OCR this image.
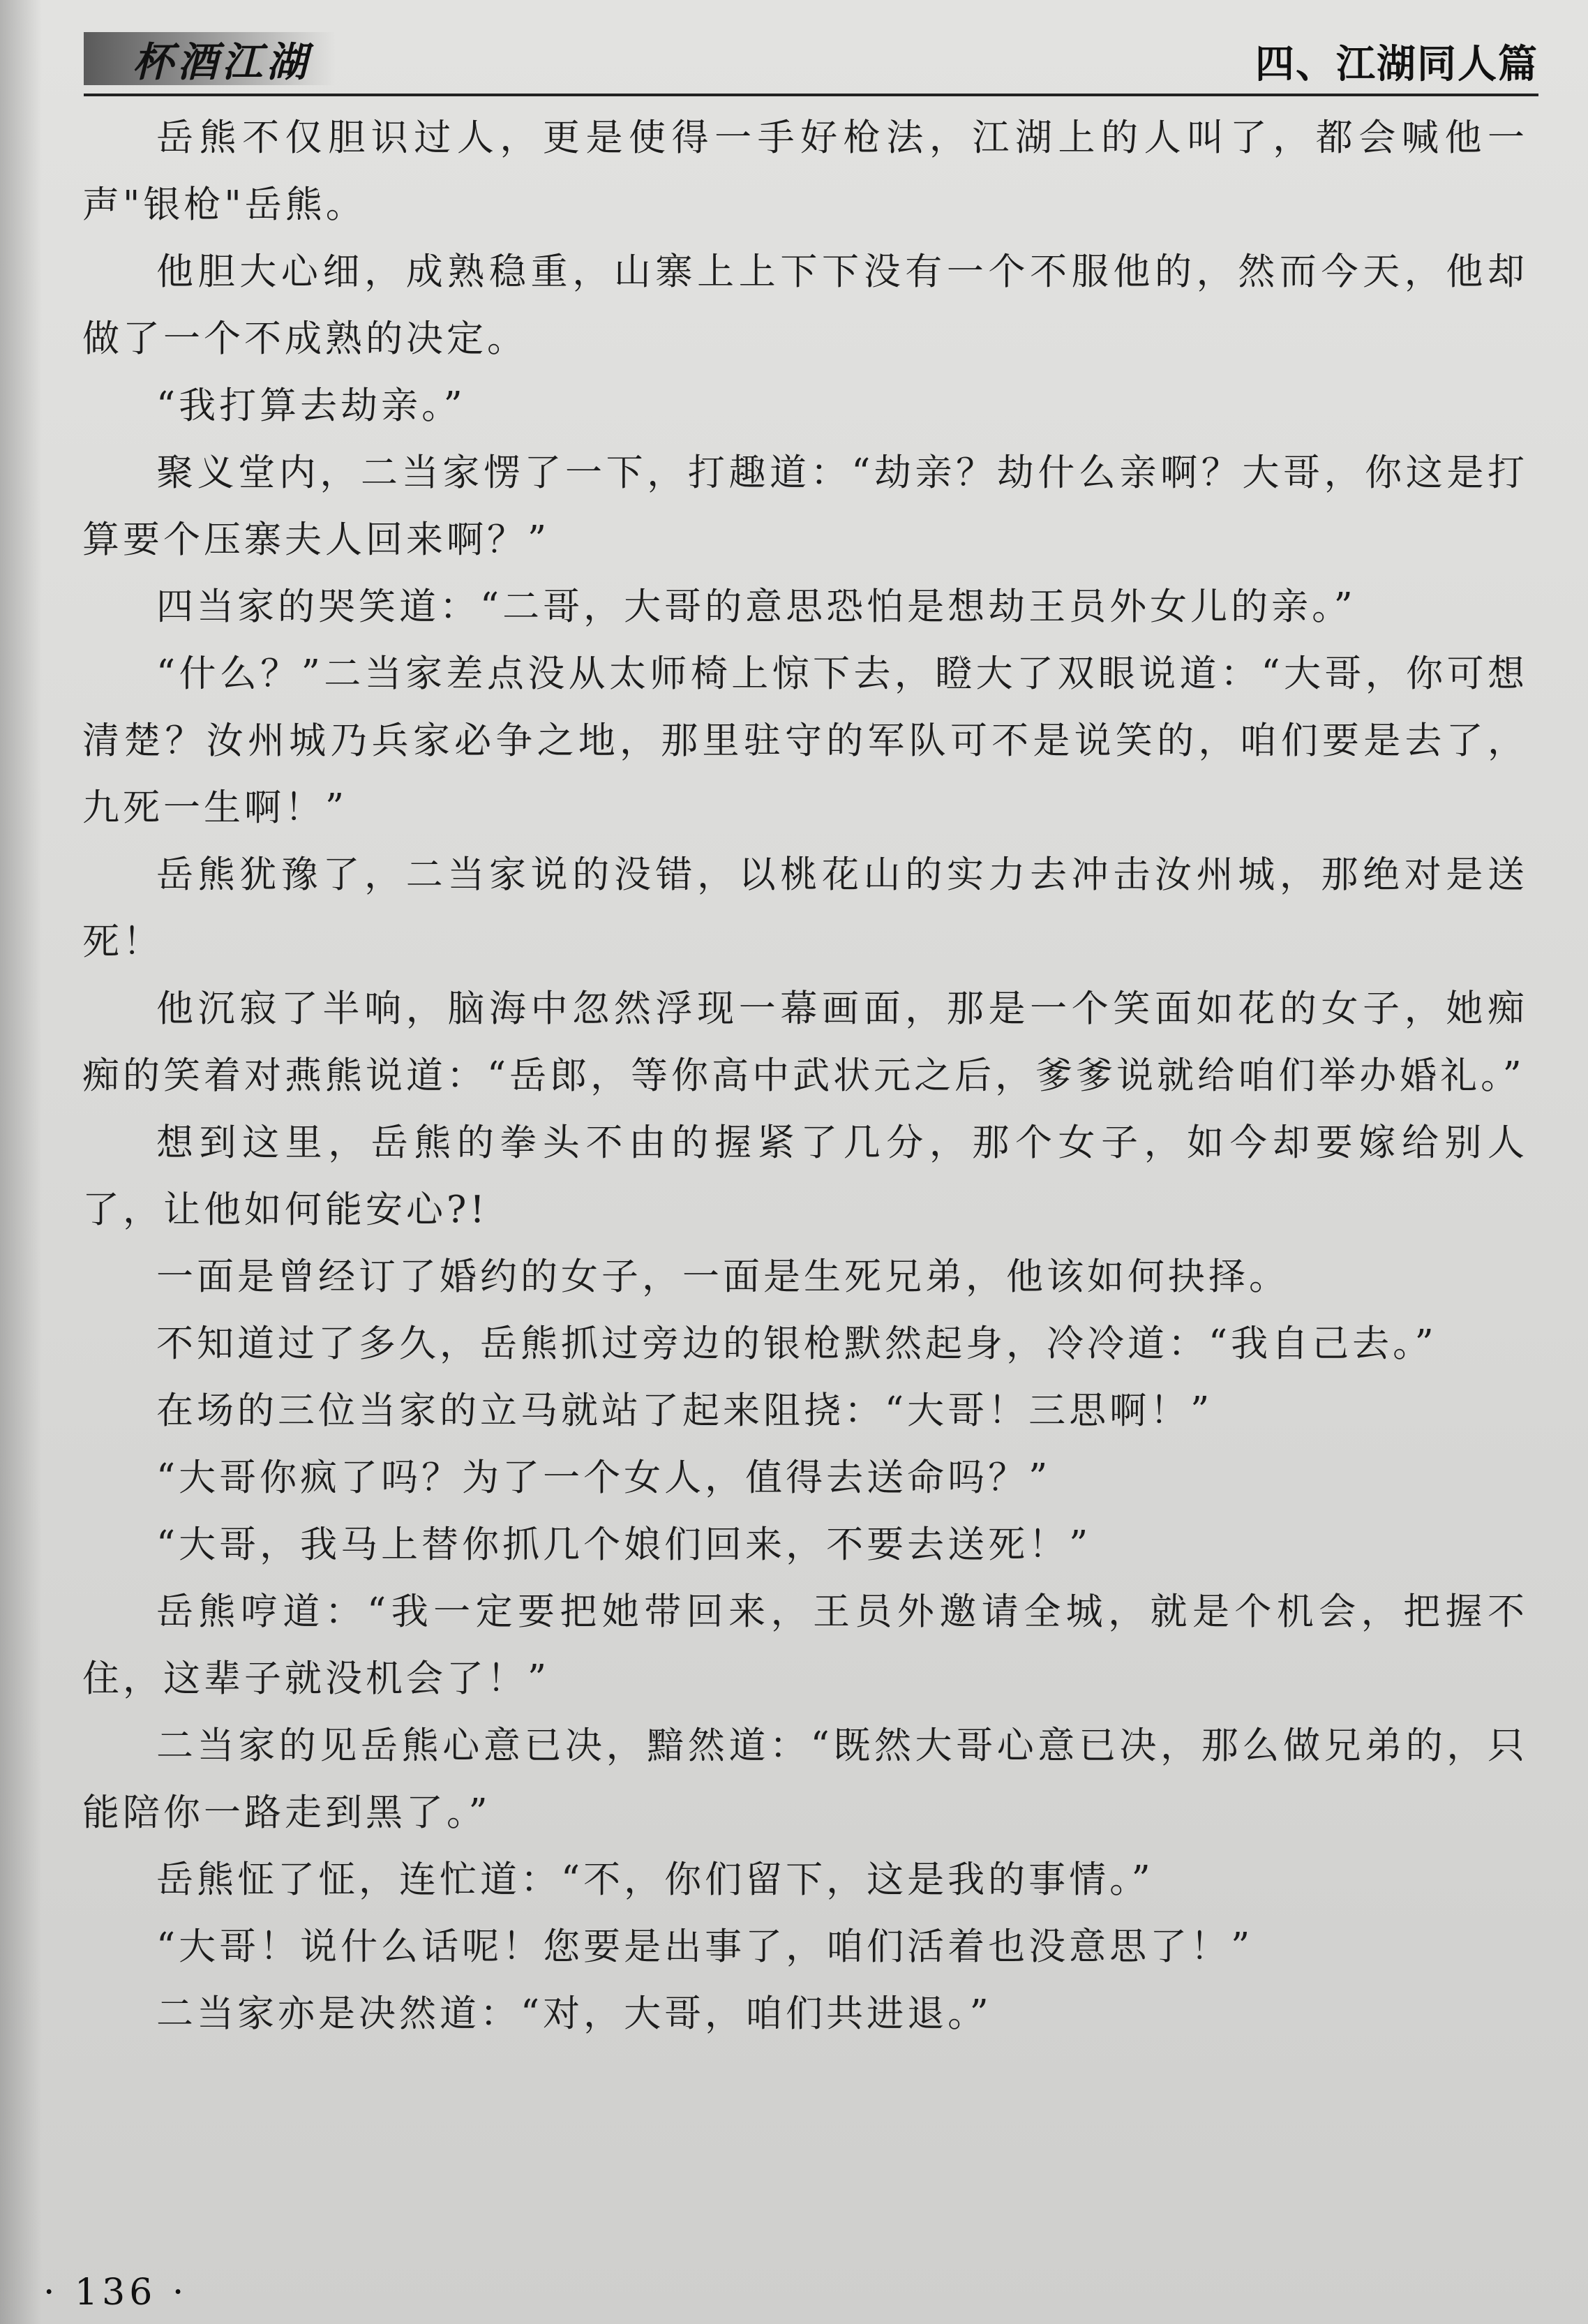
杯酒江湖	四、江湖同人篇

岳熊不仅胆识过人，更是使得一手好枪法，江湖上的人叫了，都会喊他一声"银枪"岳熊。

他胆大心细，成熟稳重，山寨上上下下没有一个不服他的，然而今天，他却做了一个不成熟的决定。

“我打算去劫亲。”

聚义堂内，二当家愣了一下，打趣道：“劫亲？劫什么亲啊？大哥，你这是打算要个压寨夫人回来啊？”

四当家的哭笑道：“二哥，大哥的意思恐怕是想劫王员外女儿的亲。”

“什么？”二当家差点没从太师椅上惊下去，瞪大了双眼说道：“大哥，你可想清楚？汝州城乃兵家必争之地，那里驻守的军队可不是说笑的，咱们要是去了，九死一生啊！”

岳熊犹豫了，二当家说的没错，以桃花山的实力去冲击汝州城，那绝对是送死！

他沉寂了半响，脑海中忽然浮现一幕画面，那是一个笑面如花的女子，她痴痴的笑着对燕熊说道：“岳郎，等你高中武状元之后，爹爹说就给咱们举办婚礼。”

想到这里，岳熊的拳头不由的握紧了几分，那个女子，如今却要嫁给别人了，让他如何能安心?!

一面是曾经订了婚约的女子，一面是生死兄弟，他该如何抉择。

不知道过了多久，岳熊抓过旁边的银枪默然起身，冷冷道：“我自己去。”

在场的三位当家的立马就站了起来阻挠：“大哥！三思啊！”

“大哥你疯了吗？为了一个女人，值得去送命吗？”

“大哥，我马上替你抓几个娘们回来，不要去送死！”

岳熊哼道：“我一定要把她带回来，王员外邀请全城，就是个机会，把握不住，这辈子就没机会了！”

二当家的见岳熊心意已决，黯然道：“既然大哥心意已决，那么做兄弟的，只能陪你一路走到黑了。”

岳熊怔了怔，连忙道：“不，你们留下，这是我的事情。”

“大哥！说什么话呢！您要是出事了，咱们活着也没意思了！”

二当家亦是决然道：“对，大哥，咱们共进退。”

· 136 ·
